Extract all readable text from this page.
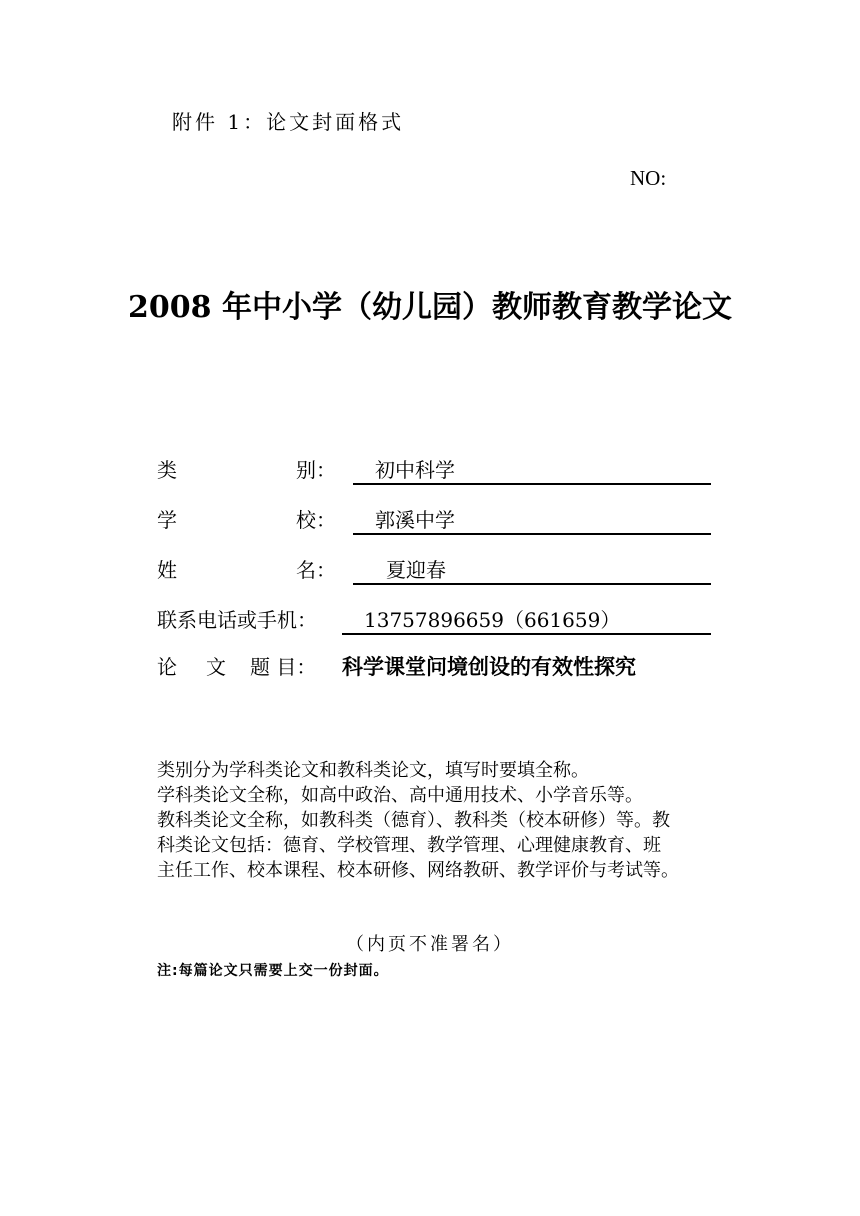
附件 1：论文封面格式
NO:
2008 年中小学（幼儿园）教师教育教学论文
类	别： 初中科学
学	校： 郭溪中学
姓	名：	夏迎春
联系电话或手机： 13757896659（661659）
论 文 题 目： 科学课堂问境创设的有效性探究

类别分为学科类论文和教科类论文，填写时要填全称。

学科类论文全称，如高中政治、高中通用技术、小学音乐等。

教科类论文全称，如教科类（德育）、教科类（校本研修）等。教

科类论文包括：德育、学校管理、教学管理、心理健康教育、班

主任工作、校本课程、校本研修、网络教研、教学评价与考试等。

（内页不准署名）
注:每篇论文只需要上交一份封面。
